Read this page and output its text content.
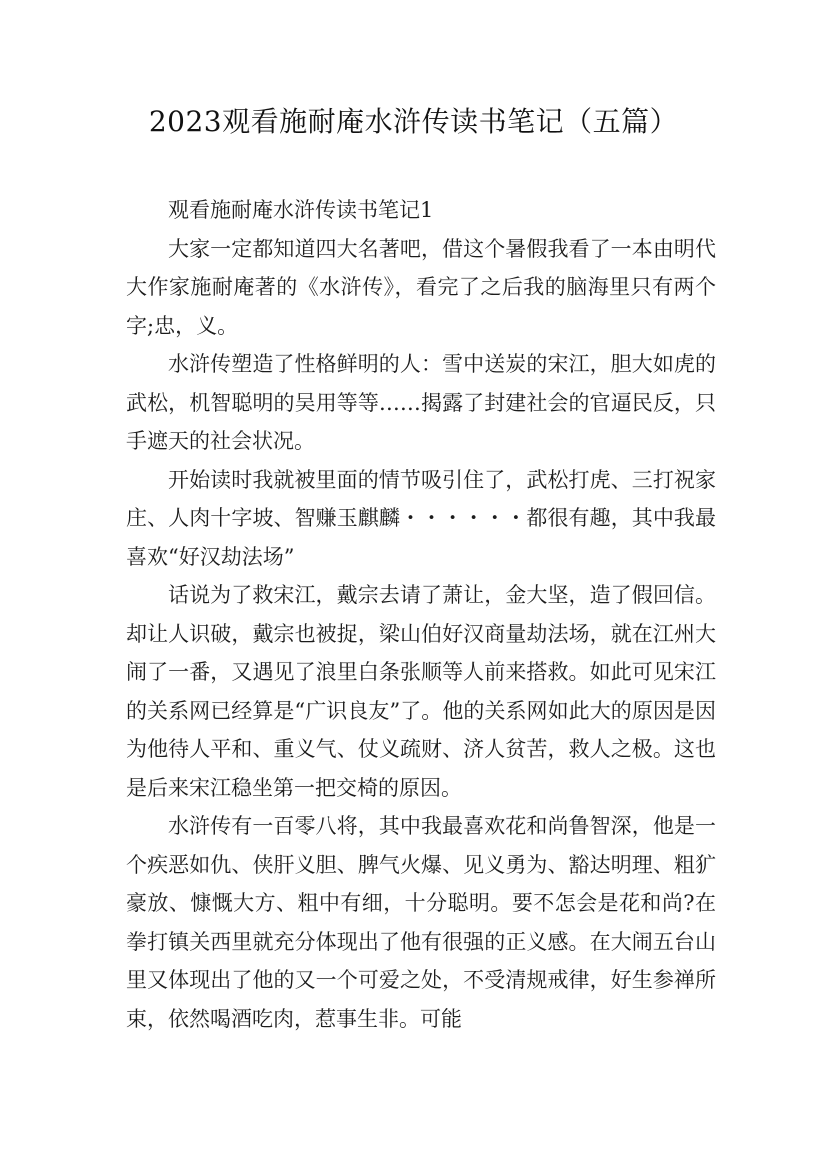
2023观看施耐庵水浒传读书笔记（五篇）

观看施耐庵水浒传读书笔记1

大家一定都知道四大名著吧，借这个暑假我看了一本由明代大作家施耐庵著的《水浒传》，看完了之后我的脑海里只有两个字;忠，义。

水浒传塑造了性格鲜明的人：雪中送炭的宋江，胆大如虎的武松，机智聪明的吴用等等……揭露了封建社会的官逼民反，只手遮天的社会状况。

开始读时我就被里面的情节吸引住了，武松打虎、三打祝家庄、人肉十字坡、智赚玉麒麟・・・・・・都很有趣，其中我最喜欢“好汉劫法场”

话说为了救宋江，戴宗去请了萧让，金大坚，造了假回信。却让人识破，戴宗也被捉，梁山伯好汉商量劫法场，就在江州大闹了一番，又遇见了浪里白条张顺等人前来搭救。如此可见宋江的关系网已经算是“广识良友”了。他的关系网如此大的原因是因为他待人平和、重义气、仗义疏财、济人贫苦，救人之极。这也是后来宋江稳坐第一把交椅的原因。

水浒传有一百零八将，其中我最喜欢花和尚鲁智深，他是一个疾恶如仇、侠肝义胆、脾气火爆、见义勇为、豁达明理、粗犷豪放、慷慨大方、粗中有细，十分聪明。要不怎会是花和尚?在拳打镇关西里就充分体现出了他有很强的正义感。在大闹五台山里又体现出了他的又一个可爱之处，不受清规戒律，好生参禅所束，依然喝酒吃肉，惹事生非。可能
